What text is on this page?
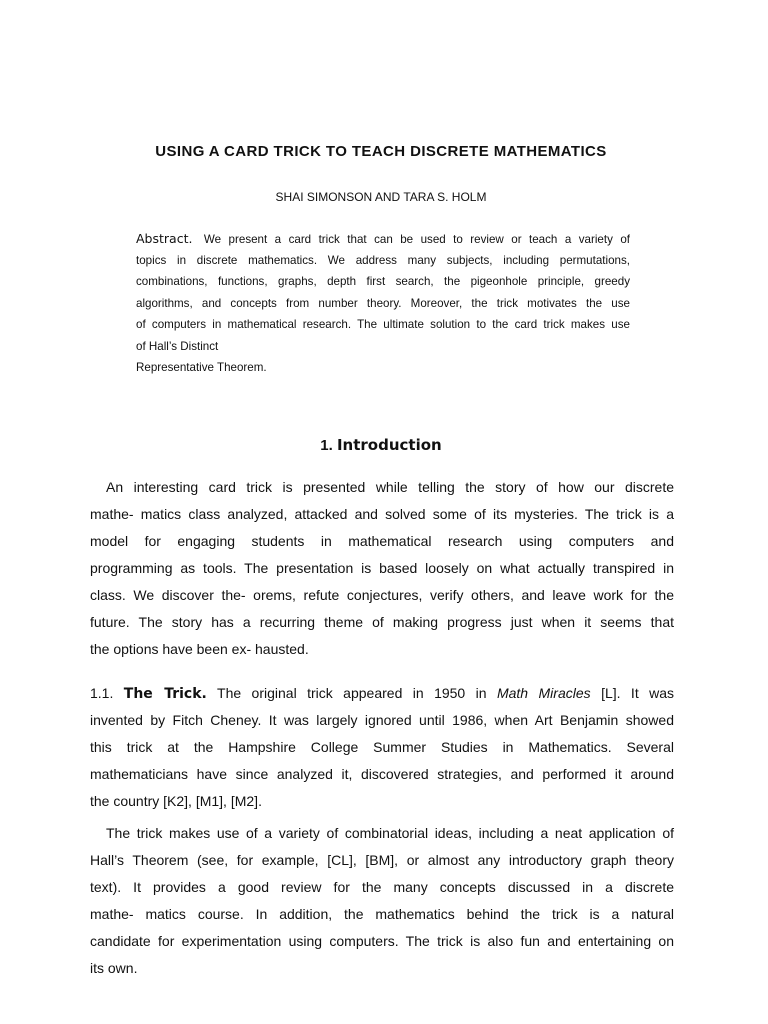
USING A CARD TRICK TO TEACH DISCRETE MATHEMATICS

SHAI SIMONSON AND TARA S. HOLM

Abstract. We present a card trick that can be used to review or teach a variety of
topics in discrete mathematics. We address many subjects, including permutations,
combinations, functions, graphs, depth first search, the pigeonhole principle, greedy
algorithms, and concepts from number theory. Moreover, the trick motivates the use
of computers in mathematical research. The ultimate solution to the card trick makes use
of Hall’s Distinct
Representative Theorem.
1. Introduction
An interesting card trick is presented while telling the story of how our discrete
mathe- matics class analyzed, attacked and solved some of its mysteries. The trick is a
model for engaging students in mathematical research using computers and
programming as tools. The presentation is based loosely on what actually transpired in
class. We discover the- orems, refute conjectures, verify others, and leave work for the
future. The story has a recurring theme of making progress just when it seems that
the options have been ex- hausted.
1.1. The Trick. The original trick appeared in 1950 in Math Miracles [L]. It was
invented by Fitch Cheney. It was largely ignored until 1986, when Art Benjamin showed
this trick at the Hampshire College Summer Studies in Mathematics. Several
mathematicians have since analyzed it, discovered strategies, and performed it around
the country [K2], [M1], [M2].
The trick makes use of a variety of combinatorial ideas, including a neat application of
Hall’s Theorem (see, for example, [CL], [BM], or almost any introductory graph theory
text). It provides a good review for the many concepts discussed in a discrete
mathe- matics course. In addition, the mathematics behind the trick is a natural
candidate for experimentation using computers. The trick is also fun and entertaining on
its own.
